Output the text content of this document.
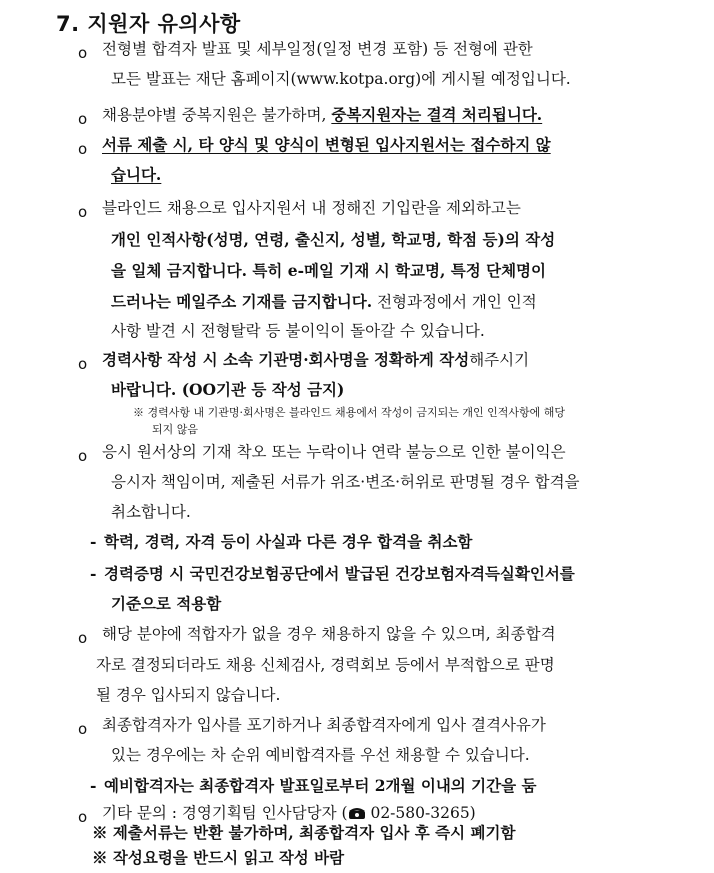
7. 지원자 유의사항
o 전형별 합격자 발표 및 세부일정(일정 변경 포함) 등 전형에 관한
모든 발표는 재단 홈페이지(www.kotpa.org)에 게시될 예정입니다.
o 채용분야별 중복지원은 불가하며, 중복지원자는 결격 처리됩니다.
o 서류 제출 시, 타 양식 및 양식이 변형된 입사지원서는 접수하지 않
습니다.
o 블라인드 채용으로 입사지원서 내 정해진 기입란을 제외하고는
개인 인적사항(성명, 연령, 출신지, 성별, 학교명, 학점 등)의 작성
을 일체 금지합니다. 특히 e-메일 기재 시 학교명, 특정 단체명이
드러나는 메일주소 기재를 금지합니다. 전형과정에서 개인 인적
사항 발견 시 전형탈락 등 불이익이 돌아갈 수 있습니다.
o 경력사항 작성 시 소속 기관명·회사명을 정확하게 작성해주시기
바랍니다. (OO기관 등 작성 금지)
※ 경력사항 내 기관명·회사명은 블라인드 채용에서 작성이 금지되는 개인 인적사항에 해당
되지 않음
o 응시 원서상의 기재 착오 또는 누락이나 연락 불능으로 인한 불이익은
응시자 책임이며, 제출된 서류가 위조·변조·허위로 판명될 경우 합격을
취소합니다.
- 학력, 경력, 자격 등이 사실과 다른 경우 합격을 취소함
- 경력증명 시 국민건강보험공단에서 발급된 건강보험자격득실확인서를
기준으로 적용함
o 해당 분야에 적합자가 없을 경우 채용하지 않을 수 있으며, 최종합격
자로 결정되더라도 채용 신체검사, 경력회보 등에서 부적합으로 판명
될 경우 입사되지 않습니다.
o 최종합격자가 입사를 포기하거나 최종합격자에게 입사 결격사유가
있는 경우에는 차 순위 예비합격자를 우선 채용할 수 있습니다.
- 예비합격자는 최종합격자 발표일로부터 2개월 이내의 기간을 둠
o 기타 문의 : 경영기획팀 인사담당자 ( 02-580-3265)
※ 제출서류는 반환 불가하며, 최종합격자 입사 후 즉시 폐기함
※ 작성요령을 반드시 읽고 작성 바람
